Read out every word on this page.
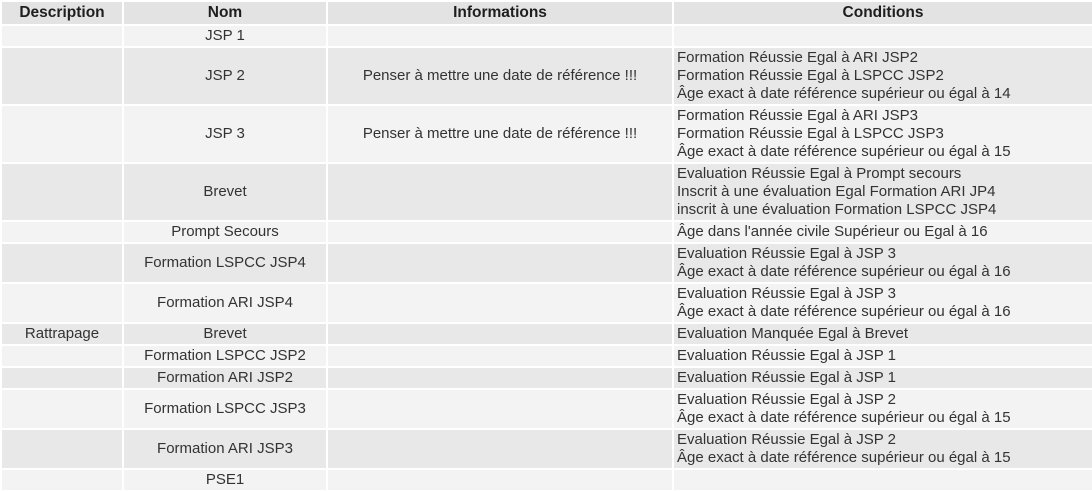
Description	Nom	Informations	Conditions
	JSP 1		
	JSP 2	Penser à mettre une date de référence !!!	Formation Réussie Egal à ARI JSP2
Formation Réussie Egal à LSPCC JSP2
Âge exact à date référence supérieur ou égal à 14

	JSP 3	Penser à mettre une date de référence !!!	Formation Réussie Egal à ARI JSP3
Formation Réussie Egal à LSPCC JSP3
Âge exact à date référence supérieur ou égal à 15

	Brevet		Evaluation Réussie Egal à Prompt secours
Inscrit à une évaluation Egal Formation ARI JP4
inscrit à une évaluation Formation LSPCC JSP4

	Prompt Secours		Âge dans l'année civile Supérieur ou Egal à 16

	Formation LSPCC JSP4		Evaluation Réussie Egal à JSP 3
Âge exact à date référence supérieur ou égal à 16

	Formation ARI JSP4		Evaluation Réussie Egal à JSP 3
Âge exact à date référence supérieur ou égal à 16

Rattrapage	Brevet		Evaluation Manquée Egal à Brevet

	Formation LSPCC JSP2		Evaluation Réussie Egal à JSP 1

	Formation ARI JSP2		Evaluation Réussie Egal à JSP 1

	Formation LSPCC JSP3		Evaluation Réussie Egal à JSP 2
Âge exact à date référence supérieur ou égal à 15

	Formation ARI JSP3		Evaluation Réussie Egal à JSP 2
Âge exact à date référence supérieur ou égal à 15

	PSE1		
